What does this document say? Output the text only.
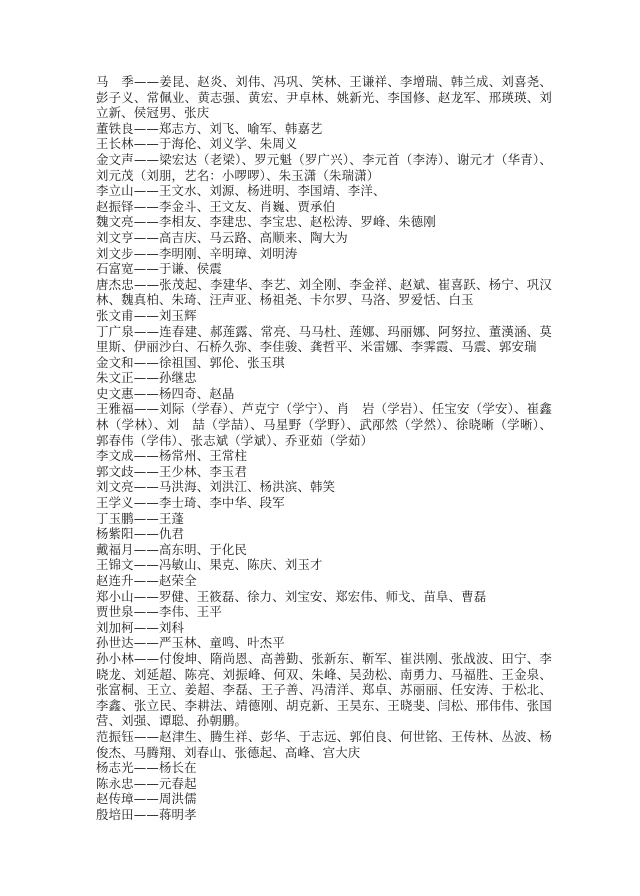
马　季——姜昆、赵炎、刘伟、冯巩、笑林、王谦祥、李增瑞、韩兰成、刘喜尧、彭子义、常佩业、黄志强、黄宏、尹卓林、姚新光、李国修、赵龙军、邢瑛瑛、刘立新、侯冠男、张庆

董铁良——郑志方、刘飞、喻军、韩嘉艺

王长林——于海伦、刘义学、朱周义

金文声——梁宏达（老梁）、罗元魁（罗广兴）、李元首（李涛）、谢元才（华青）、刘元茂（刘朋，艺名：小啰啰）、朱玉潇（朱瑞潇）

李立山——王文水、刘源、杨进明、李国靖、李洋、

赵振铎——李金斗、王文友、肖巍、贾承伯

魏文亮——李相友、李建忠、李宝忠、赵松涛、罗峰、朱德刚

刘文亨——高吉庆、马云路、高顺来、陶大为

刘文步——李明刚、辛明璋、刘明涛

石富宽——于谦、侯震

唐杰忠——张茂起、李建华、李艺、刘全刚、李金祥、赵斌、崔喜跃、杨宁、巩汉林、魏真柏、朱琦、汪声亚、杨祖尧、卡尔罗、马洛、罗爱恬、白玉

张文甫——刘玉辉

丁广泉——连春建、郝莲露、常亮、马马杜、莲娜、玛丽娜、阿努拉、董漢涵、莫里斯、伊丽沙白、石桥久弥、李佳骏、龚哲平、米雷娜、李霁霞、马震、郭安瑞

金文和——徐祖国、郭伦、张玉琪

朱文正——孙继忠

史文惠——杨四奇、赵晶

王雅福——刘际（学春）、芦克宁（学宁）、肖　岩（学岩）、任宝安（学安）、崔鑫林（学林）、刘　喆（学喆）、马星野（学野）、武邴然（学然）、徐晓晰（学晰）、郭春伟（学伟）、张志斌（学斌）、乔亚茹（学茹）

李文成——杨常州、王常柱

郭文歧——王少林、李玉君

刘文亮——马洪海、刘洪江、杨洪滨、韩笑

王学义——李士琦、李中华、段军

丁玉鹏——王蓬

杨紫阳——仇君

戴福月——高东明、于化民

王锦文——冯敏山、果克、陈庆、刘玉才

赵连升——赵荣全

郑小山——罗健、王筱磊、徐力、刘宝安、郑宏伟、师戈、苗阜、曹磊

贾世泉——李伟、王平

刘加柯——刘科

孙世达——严玉林、童鸣、叶杰平

孙小林——付俊坤、隋尚恩、高善勤、张新东、靳军、崔洪刚、张战波、田宁、李晓龙、刘延超、陈亮、刘振峰、何双、朱峰、吴劲松、南勇力、马福胜、王金泉、张富桐、王立、姜超、李磊、王子善、冯清洋、郑卓、苏丽丽、任安涛、于松北、李鑫、张立民、李耕法、靖德刚、胡克新、王昊东、王晓斐、闫松、邢伟伟、张国营、刘强、谭聪、孙朝鹏。

范振钰——赵津生、腾生祥、彭华、于志远、郭伯良、何世铭、王传林、丛波、杨俊杰、马腾翔、刘春山、张德起、高峰、宫大庆

杨志光——杨长在

陈永忠——元春起

赵传璋——周洪儒

殷培田——蒋明孝
